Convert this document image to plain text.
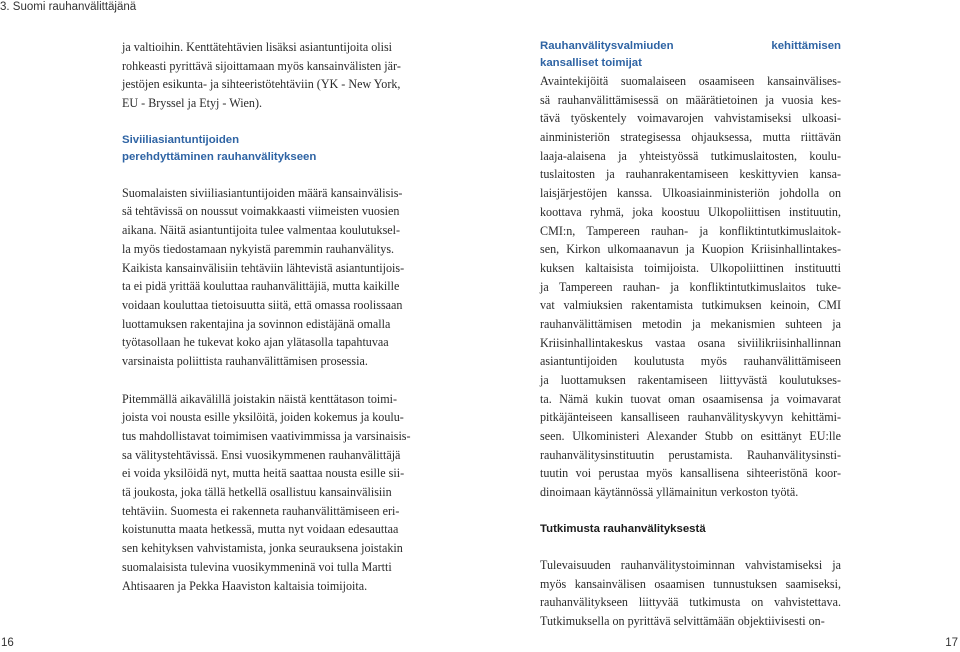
3. Suomi rauhanvälittäjänä
ja valtioihin. Kenttätehtävien lisäksi asiantuntijoita olisi
rohkeasti pyrittävä sijoittamaan myös kansainvälisten jär-
jestöjen esikunta- ja sihteeristötehtäviin (YK - New York,
EU - Bryssel ja Etyj - Wien).
Siviiliasiantuntijoiden
perehdyttäminen rauhanvälitykseen
Suomalaisten siviiliasiantuntijoiden määrä kansainvälisis-
sä tehtävissä on noussut voimakkaasti viimeisten vuosien
aikana. Näitä asiantuntijoita tulee valmentaa koulutuksel-
la myös tiedostamaan nykyistä paremmin rauhanvälitys.
Kaikista kansainvälisiin tehtäviin lähtevistä asiantuntijois-
ta ei pidä yrittää kouluttaa rauhanvälittäjiä, mutta kaikille
voidaan kouluttaa tietoisuutta siitä, että omassa roolissaan
luottamuksen rakentajina ja sovinnon edistäjänä omalla
työtasollaan he tukevat koko ajan ylätasolla tapahtuvaa
varsinaista poliittista rauhanvälittämisen prosessia.
Pitemmällä aikavälillä joistakin näistä kenttätason toimi-
joista voi nousta esille yksilöitä, joiden kokemus ja koulu-
tus mahdollistavat toimimisen vaativimmissa ja varsinaisis-
sa välitystehtävissä. Ensi vuosikymmenen rauhanvälittäjä
ei voida yksilöidä nyt, mutta heitä saattaa nousta esille sii-
tä joukosta, joka tällä hetkellä osallistuu kansainvälisiin
tehtäviin. Suomesta ei rakenneta rauhanvälittämiseen eri-
koistunutta maata hetkessä, mutta nyt voidaan edesauttaa
sen kehityksen vahvistamista, jonka seurauksena joistakin
suomalaisista tulevina vuosikymmeninä voi tulla Martti
Ahtisaaren ja Pekka Haaviston kaltaisia toimijoita.
Rauhanvälitysvalmiuden kehittämisen
kansalliset toimijat
Avaintekijöitä suomalaiseen osaamiseen kansainvälises-
sä rauhanvälittämisessä on määrätietoinen ja vuosia kes-
tävä työskentely voimavarojen vahvistamiseksi ulkoasi-
ainministeriön strategisessa ohjauksessa, mutta riittävän
laaja-alaisena ja yhteistyössä tutkimuslaitosten, koulu-
tuslaitosten ja rauhanrakentamiseen keskittyvien kansa-
laisjärjestöjen kanssa. Ulkoasiainministeriön johdolla on
koottava ryhmä, joka koostuu Ulkopoliittisen instituutin,
CMI:n, Tampereen rauhan- ja konfliktintutkimuslaitok-
sen, Kirkon ulkomaanavun ja Kuopion Kriisinhallintakes-
kuksen kaltaisista toimijoista. Ulkopoliittinen instituutti
ja Tampereen rauhan- ja konfliktintutkimuslaitos tuke-
vat valmiuksien rakentamista tutkimuksen keinoin, CMI
rauhanvälittämisen metodin ja mekanismien suhteen ja
Kriisinhallintakeskus vastaa osana siviilikriisinhallinnan
asiantuntijoiden koulutusta myös rauhanvälittämiseen
ja luottamuksen rakentamiseen liittyvästä koulutukses-
ta. Nämä kukin tuovat oman osaamisensa ja voimavarat
pitkäjänteiseen kansalliseen rauhanvälityskyvyn kehittämi-
seen. Ulkoministeri Alexander Stubb on esittänyt EU:lle
rauhanvälitysinstituutin perustamista. Rauhanvälitysinsti-
tuutin voi perustaa myös kansallisena sihteeristönä koor-
dinoimaan käytännössä yllämainitun verkoston työtä.
Tutkimusta rauhanvälityksestä
Tulevaisuuden rauhanvälitystoiminnan vahvistamiseksi ja
myös kansainvälisen osaamisen tunnustuksen saamiseksi,
rauhanvälitykseen liittyvää tutkimusta on vahvistettava.
Tutkimuksella on pyrittävä selvittämään objektiivisesti on-
16	17
